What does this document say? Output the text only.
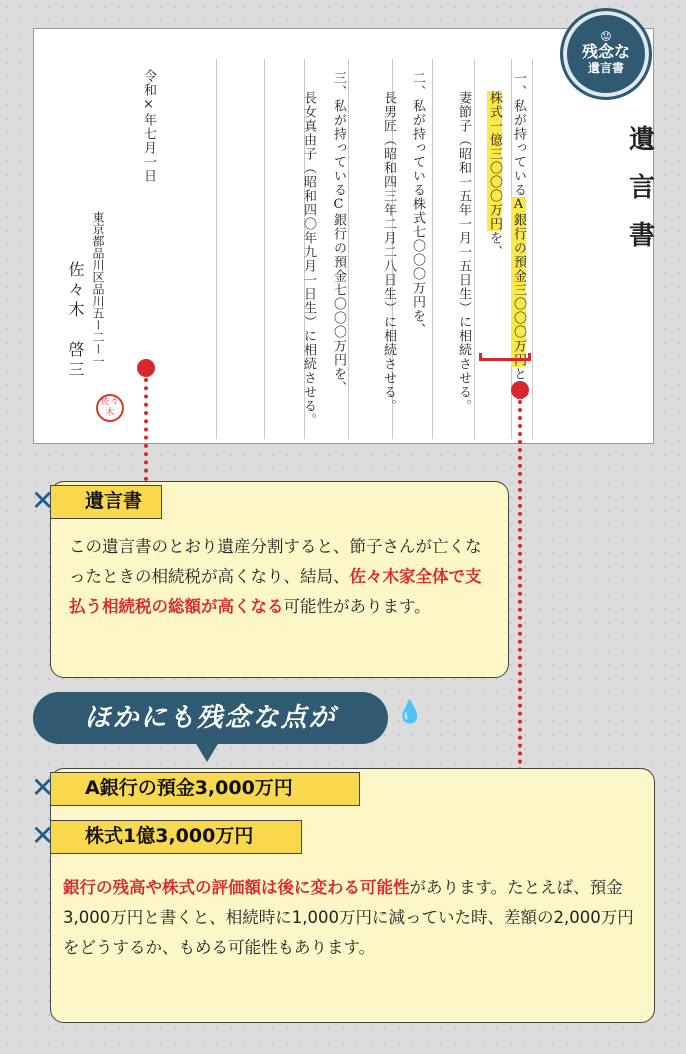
遺
言
書
一、私が持っているA銀行の預金三〇〇〇万円と
株式一億三〇〇〇万円を、
妻節子（昭和一五年一月一五日生）に相続させる。
二、私が持っている株式七〇〇〇万円を、
長男匠（昭和四三年二月二八日生）に相続させる。
三、私が持っているC銀行の預金七〇〇〇万円を、
長女真由子（昭和四〇年九月一日生）に相続させる。
令和×年七月一日
東京都品川区品川五ー二ー一
佐々木　啓三
佐々木
😟
残念な
遺言書
遺言書
✕
この遺言書のとおり遺産分割すると、節子さんが亡くなったときの相続税が高くなり、結局、佐々木家全体で支払う相続税の総額が高くなる可能性があります。
ほかにも残念な点が	💧
A銀行の預金3,000万円
✕
株式1億3,000万円
✕
銀行の残高や株式の評価額は後に変わる可能性があります。たとえば、預金3,000万円と書くと、相続時に1,000万円に減っていた時、差額の2,000万円をどうするか、もめる可能性もあります。
